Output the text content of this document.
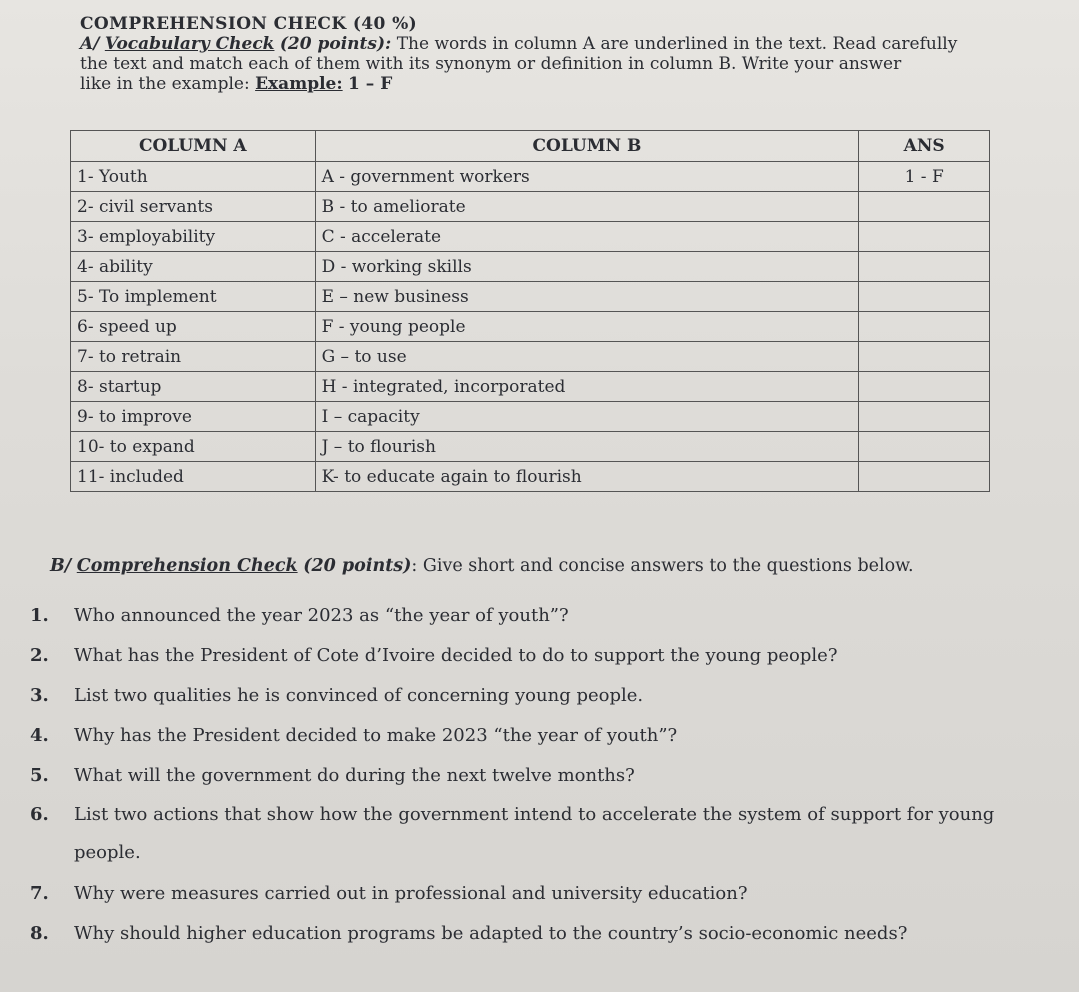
COMPREHENSION CHECK (40 %)
A/ Vocabulary Check (20 points): The words in column A are underlined in the text. Read carefully
the text and match each of them with its synonym or definition in column B. Write your answer
like in the example: Example: 1 – F
COLUMN A	COLUMN B	ANS
1- Youth	A - government workers	1 - F
2- civil servants	B - to ameliorate	
3- employability	C - accelerate	
4- ability	D - working skills	
5- To implement	E – new business	
6- speed up	F - young people	
7- to retrain	G – to use	
8- startup	H - integrated, incorporated	
9- to improve	I – capacity	
10- to expand	J – to flourish	
11- included	K- to educate again to flourish	
B/ Comprehension Check (20 points): Give short and concise answers to the questions below.
1. Who announced the year 2023 as “the year of youth”?
2. What has the President of Cote d’Ivoire decided to do to support the young people?
3. List two qualities he is convinced of concerning young people.
4. Why has the President decided to make 2023 “the year of youth”?
5. What will the government do during the next twelve months?
6. List two actions that show how the government intend to accelerate the system of support for young people.
7. Why were measures carried out in professional and university education?
8. Why should higher education programs be adapted to the country’s socio-economic needs?
